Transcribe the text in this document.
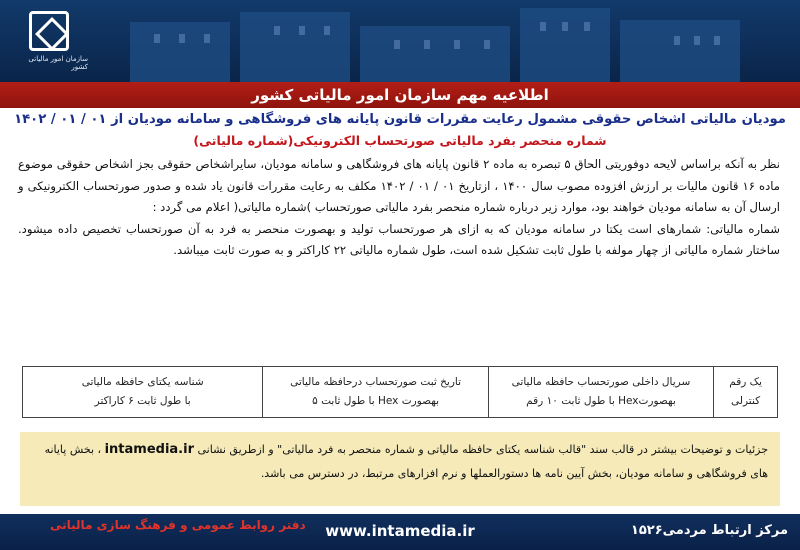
سازمان امور مالیاتی کشور
اطلاعیه مهم سازمان امور مالیاتی کشور
مودیان مالیاتی اشخاص حقوقی مشمول رعایت مقررات قانون پایانه های فروشگاهی و سامانه مودیان از ۰۱ / ۰۱ / ۱۴۰۲
شماره منحصر بفرد مالیاتی صورتحساب الکترونیکی(شماره مالیاتی)

نظر به آنکه براساس لایحه دوفوریتی الحاق ۵ تبصره به ماده ۲ قانون پایانه های فروشگاهی و سامانه مودیان، سایراشخاص حقوقی بجز اشخاص حقوقی موضوع ماده ۱۶ قانون مالیات بر ارزش افزوده مصوب سال ۱۴۰۰ ، ازتاریخ ۰۱ / ۰۱ / ۱۴۰۲ مکلف به رعایت مقررات قانون یاد شده و صدور صورتحساب الکترونیکی و ارسال آن به سامانه مودیان خواهند بود، موارد زیر درباره شماره منحصر بفرد مالیاتی صورتحساب )شماره مالیاتی( اعلام می گردد :

شماره مالیاتی: شمارهای است یکتا در سامانه مودیان که به ازای هر صورتحساب تولید و بهصورت منحصر به فرد به آن صورتحساب تخصیص داده میشود. ساختار شماره مالیاتی از چهار مولفه با طول ثابت تشکیل شده است، طول شماره مالیاتی ۲۲ کاراکتر و به صورت ثابت میباشد.

یک رقم
کنترلی
سریال داخلی صورتحساب حافظه مالیاتی
بهصورتHex با طول ثابت ۱۰ رقم
تاریخ ثبت صورتحساب درحافظه مالیاتی
بهصورت Hex با طول ثابت ۵
شناسه یکتای حافظه مالیاتی
با طول ثابت ۶ کاراکتر
جزئیات و توضیحات بیشتر در قالب سند "قالب شناسه یکتای حافظه مالیاتی و شماره منحصر به فرد مالیاتی" و ازطریق نشانی intamedia.ir ، بخش پایانه های فروشگاهی و سامانه مودیان، بخش آیین نامه ها دستورالعملها و نرم افزارهای مرتبط، در دسترس می باشد.
مرکز ارتباط مردمی۱۵۲۶
www.intamedia.ir
دفتر روابط عمومی و فرهنگ سازی مالیاتی
